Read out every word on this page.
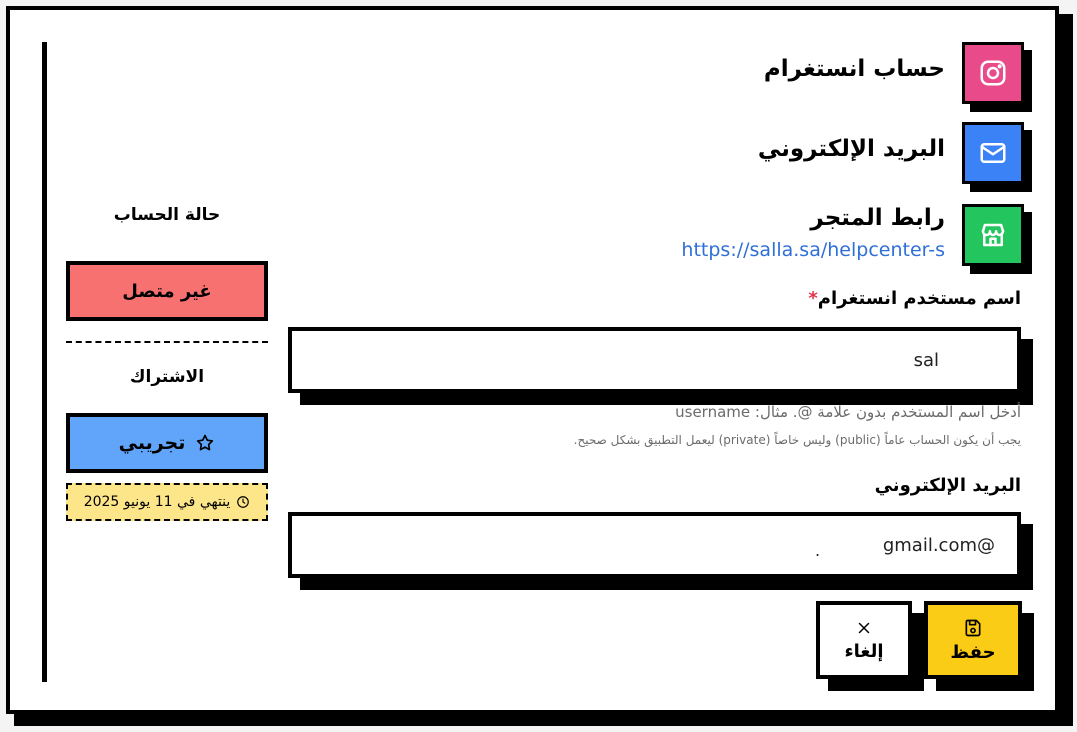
حساب انستغرام
البريد الإلكتروني
رابط المتجر
https://salla.sa/helpcenter-s
اسم مستخدم انستغرام*
sal
أدخل اسم المستخدم بدون علامة @. مثال: username
يجب أن يكون الحساب عاماً (public) وليس خاصاً (private) ليعمل التطبيق بشكل صحيح.
البريد الإلكتروني
@gmail.com
.
حفظ
إلغاء
حالة الحساب
غير متصل
الاشتراك
تجريبي
ينتهي في 11 يونيو 2025
